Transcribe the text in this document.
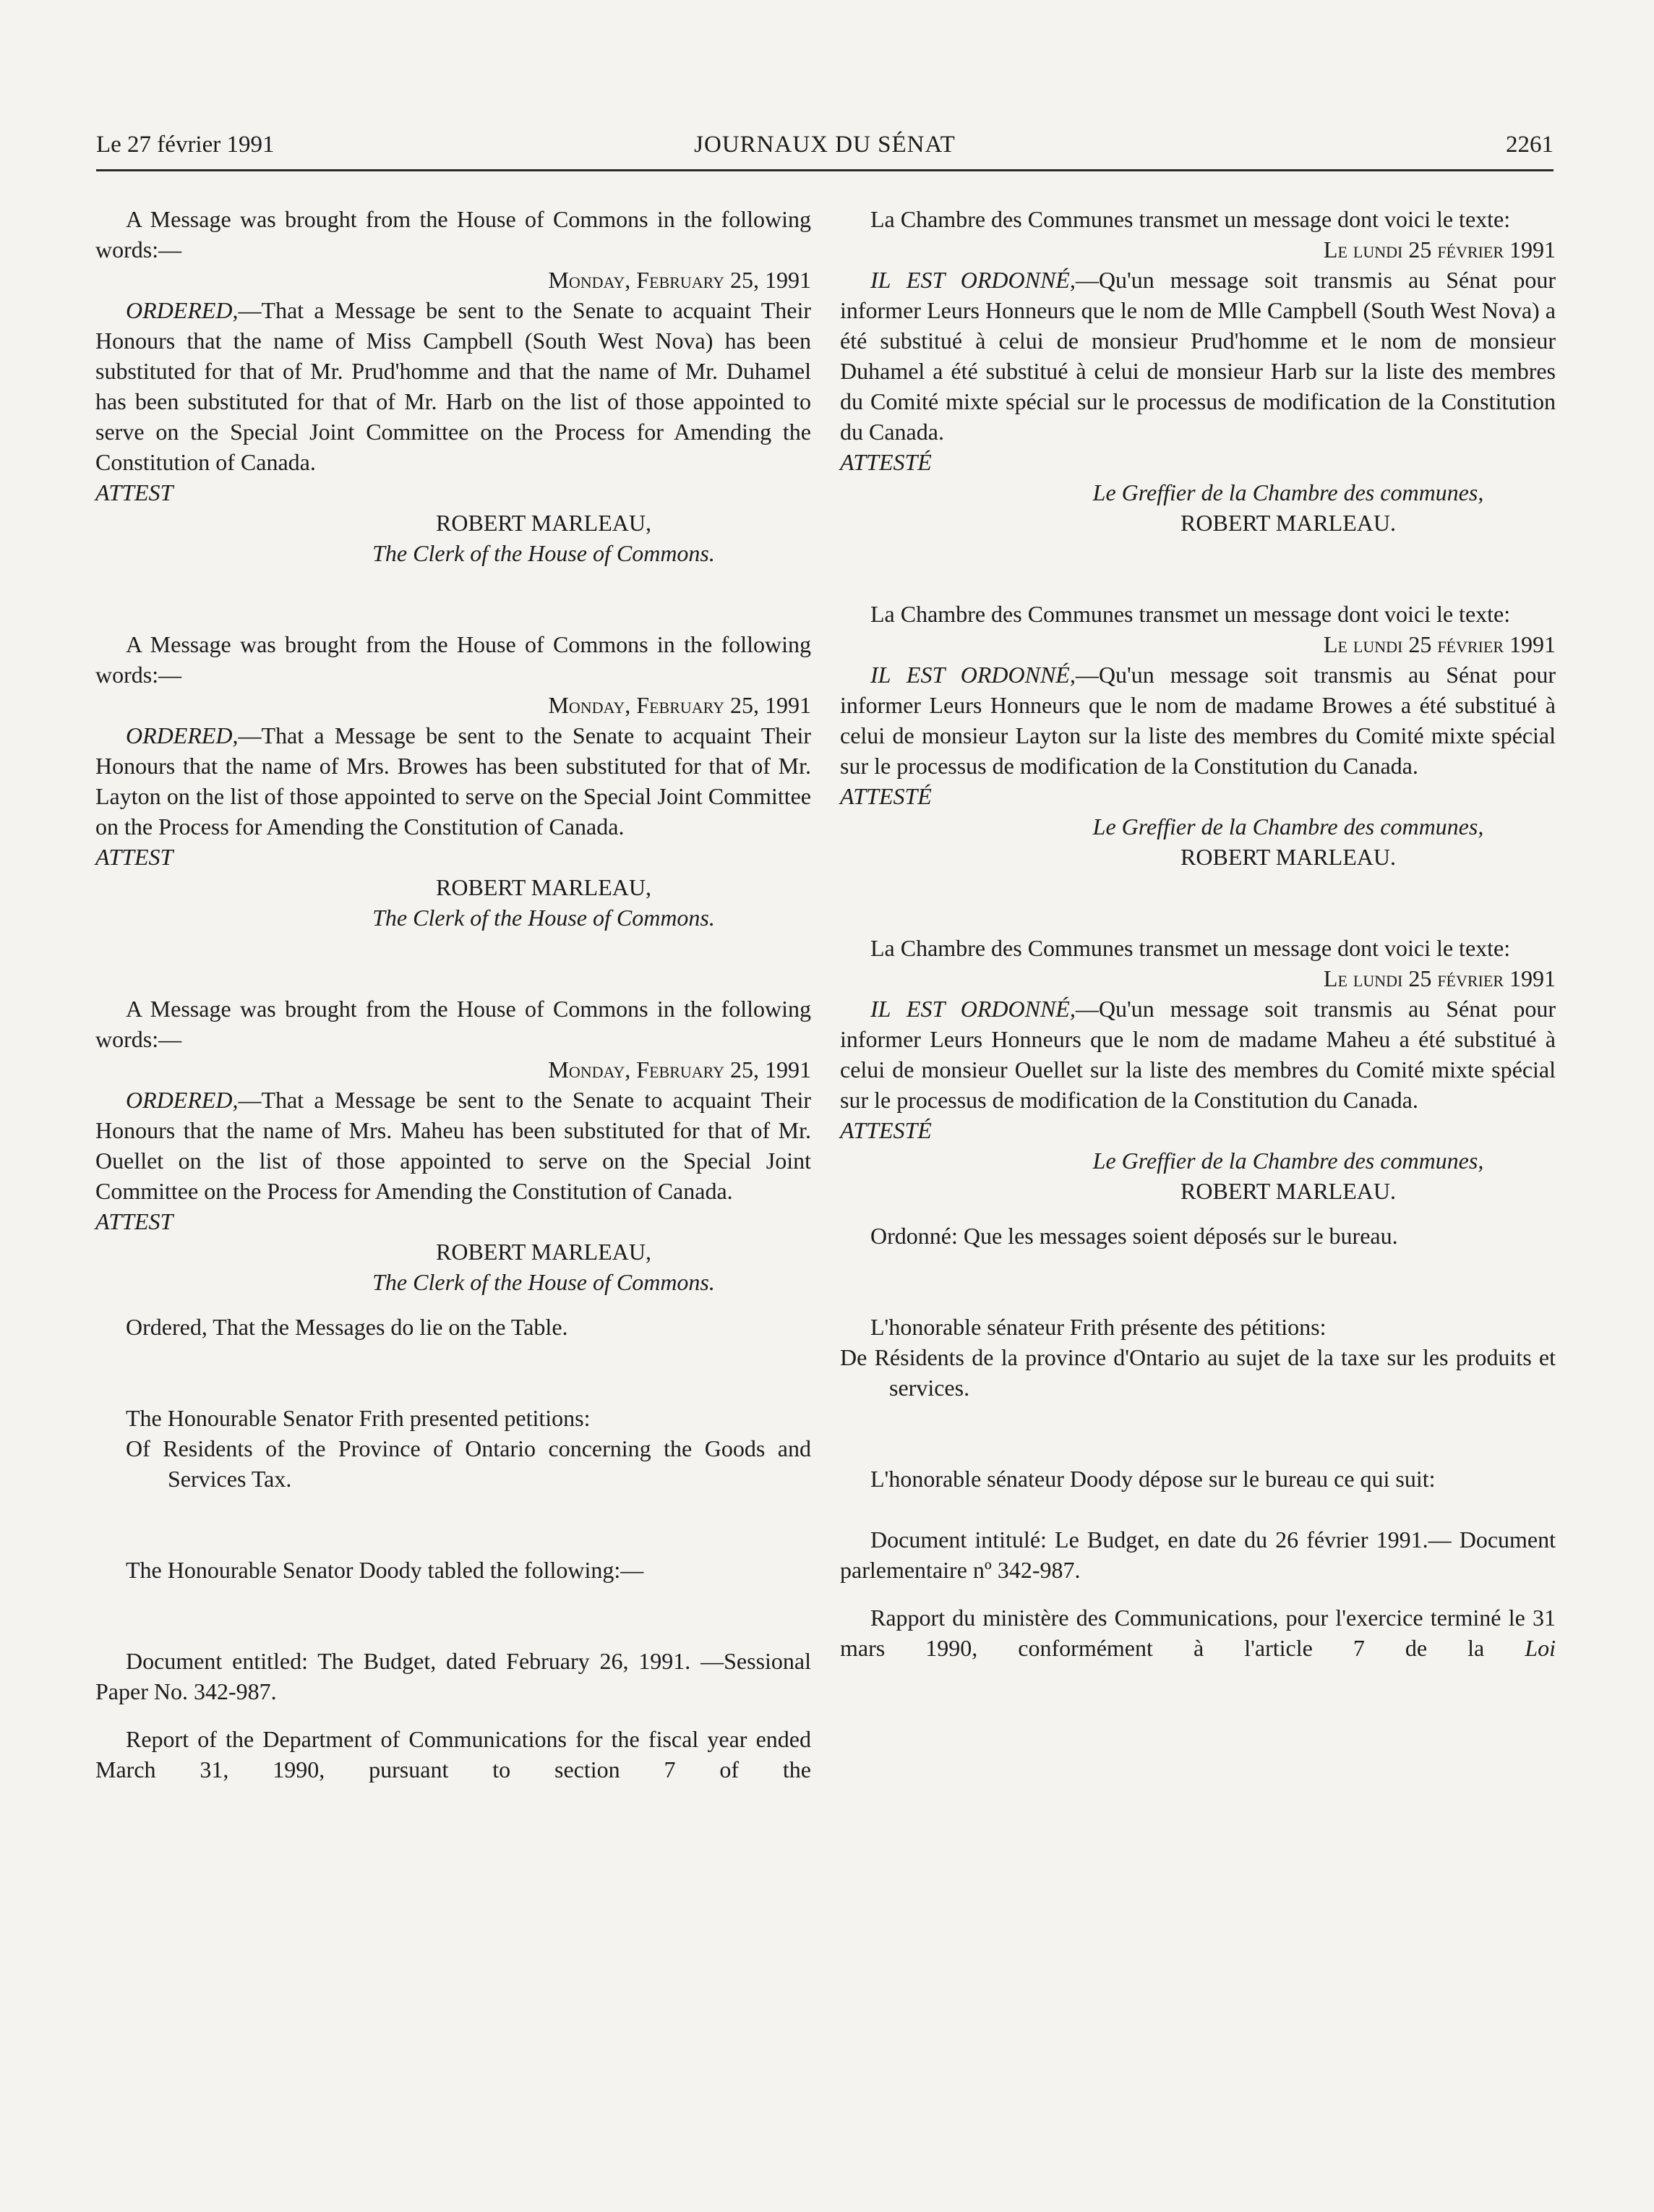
Le 27 février 1991	JOURNAUX DU SÉNAT	2261

A Message was brought from the House of Commons in the following words:—

Monday, February 25, 1991

ORDERED,—That a Message be sent to the Senate to acquaint Their Honours that the name of Miss Campbell (South West Nova) has been substituted for that of Mr. Prud'homme and that the name of Mr. Duhamel has been substituted for that of Mr. Harb on the list of those appointed to serve on the Special Joint Committee on the Process for Amending the Constitution of Canada.

ATTEST

ROBERT MARLEAU,

The Clerk of the House of Commons.

A Message was brought from the House of Commons in the following words:—

Monday, February 25, 1991

ORDERED,—That a Message be sent to the Senate to acquaint Their Honours that the name of Mrs. Browes has been substituted for that of Mr. Layton on the list of those appointed to serve on the Special Joint Committee on the Process for Amending the Constitution of Canada.

ATTEST

ROBERT MARLEAU,

The Clerk of the House of Commons.

A Message was brought from the House of Commons in the following words:—

Monday, February 25, 1991

ORDERED,—That a Message be sent to the Senate to acquaint Their Honours that the name of Mrs. Maheu has been substituted for that of Mr. Ouellet on the list of those appointed to serve on the Special Joint Committee on the Process for Amending the Constitution of Canada.

ATTEST

ROBERT MARLEAU,

The Clerk of the House of Commons.

Ordered, That the Messages do lie on the Table.

The Honourable Senator Frith presented petitions:

Of Residents of the Province of Ontario concerning the Goods and Services Tax.

The Honourable Senator Doody tabled the following:—

Document entitled: The Budget, dated February 26, 1991. —Sessional Paper No. 342-987.

Report of the Department of Communications for the fiscal year ended March 31, 1990, pursuant to section 7 of the

La Chambre des Communes transmet un message dont voici le texte:

Le lundi 25 février 1991

IL EST ORDONNÉ,—Qu'un message soit transmis au Sénat pour informer Leurs Honneurs que le nom de Mlle Campbell (South West Nova) a été substitué à celui de monsieur Prud'homme et le nom de monsieur Duhamel a été substitué à celui de monsieur Harb sur la liste des membres du Comité mixte spécial sur le processus de modification de la Constitution du Canada.

ATTESTÉ

Le Greffier de la Chambre des communes,

ROBERT MARLEAU.

La Chambre des Communes transmet un message dont voici le texte:

Le lundi 25 février 1991

IL EST ORDONNÉ,—Qu'un message soit transmis au Sénat pour informer Leurs Honneurs que le nom de madame Browes a été substitué à celui de monsieur Layton sur la liste des membres du Comité mixte spécial sur le processus de modification de la Constitution du Canada.

ATTESTÉ

Le Greffier de la Chambre des communes,

ROBERT MARLEAU.

La Chambre des Communes transmet un message dont voici le texte:

Le lundi 25 février 1991

IL EST ORDONNÉ,—Qu'un message soit transmis au Sénat pour informer Leurs Honneurs que le nom de madame Maheu a été substitué à celui de monsieur Ouellet sur la liste des membres du Comité mixte spécial sur le processus de modification de la Constitution du Canada.

ATTESTÉ

Le Greffier de la Chambre des communes,

ROBERT MARLEAU.

Ordonné: Que les messages soient déposés sur le bureau.

L'honorable sénateur Frith présente des pétitions:

De Résidents de la province d'Ontario au sujet de la taxe sur les produits et services.

L'honorable sénateur Doody dépose sur le bureau ce qui suit:

Document intitulé: Le Budget, en date du 26 février 1991.— Document parlementaire nº 342-987.

Rapport du ministère des Communications, pour l'exercice terminé le 31 mars 1990, conformément à l'article 7 de la Loi
